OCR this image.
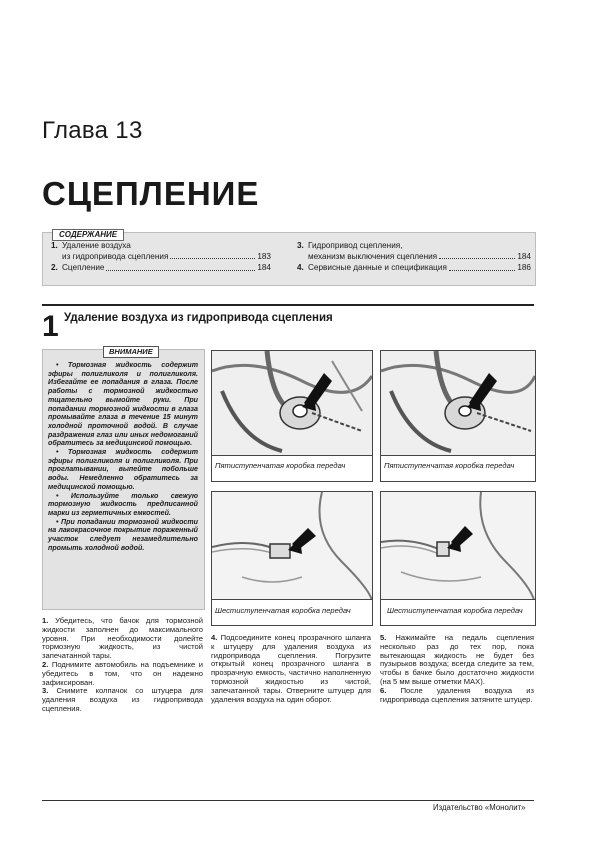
Глава 13
СЦЕПЛЕНИЕ
1. Удаление воздуха
из гидропривода сцепления	183
2. Сцепление	184
3. Гидропривод сцепления,
механизм выключения сцепления	184
4. Сервисные данные и спецификация	186
СОДЕРЖАНИЕ
1 Удаление воздуха из гидропривода сцепления
ВНИМАНИЕ

• Тормозная жидкость содержит эфиры полигликоля и полигликоля. Избегайте ее попадания в глаза. После работы с тормозной жидкостью тщательно вымойте руки. При попадании тормозной жидкости в глаза промывайте глаза в течение 15 минут холодной проточной водой. В случае раздражения глаз или иных недомоганий обратитесь за медицинской помощью.

• Тормозная жидкость содержит эфиры полигликоля и полигликоля. При проглатывании, выпейте побольше воды. Немедленно обратитесь за медицинской помощью.

• Используйте только свежую тормозную жидкость предписанной марки из герметичных емкостей.

• При попадании тормозной жидкости на лакокрасочное покрытие пораженный участок следует незамедлительно промыть холодной водой.

Пятиступенчатая коробка передач	Пятиступенчатая коробка передач
Шестиступенчатая коробка передач	Шестиступенчатая коробка передач

1. Убедитесь, что бачок для тормозной жидкости заполнен до максимального уровня. При необходимости долейте тормозную жидкость, из чистой запечатанной тары.

2. Поднимите автомобиль на подъемнике и убедитесь в том, что он надежно зафиксирован.

3. Снимите колпачок со штуцера для удаления воздуха из гидропривода сцепления.

4. Подсоедините конец прозрачного шланга к штуцеру для удаления воздуха из гидропривода сцепления. Погрузите открытый конец прозрачного шланга в прозрачную емкость, частично наполненную тормозной жидкостью из чистой, запечатанной тары. Отверните штуцер для удаления воздуха на один оборот.

5. Нажимайте на педаль сцепления несколько раз до тех пор, пока вытекающая жидкость не будет без пузырьков воздуха; всегда следите за тем, чтобы в бачке было достаточно жидкости (на 5 мм выше отметки MAX).

6. После удаления воздуха из гидропривода сцепления затяните штуцер.

Издательство «Монолит»
